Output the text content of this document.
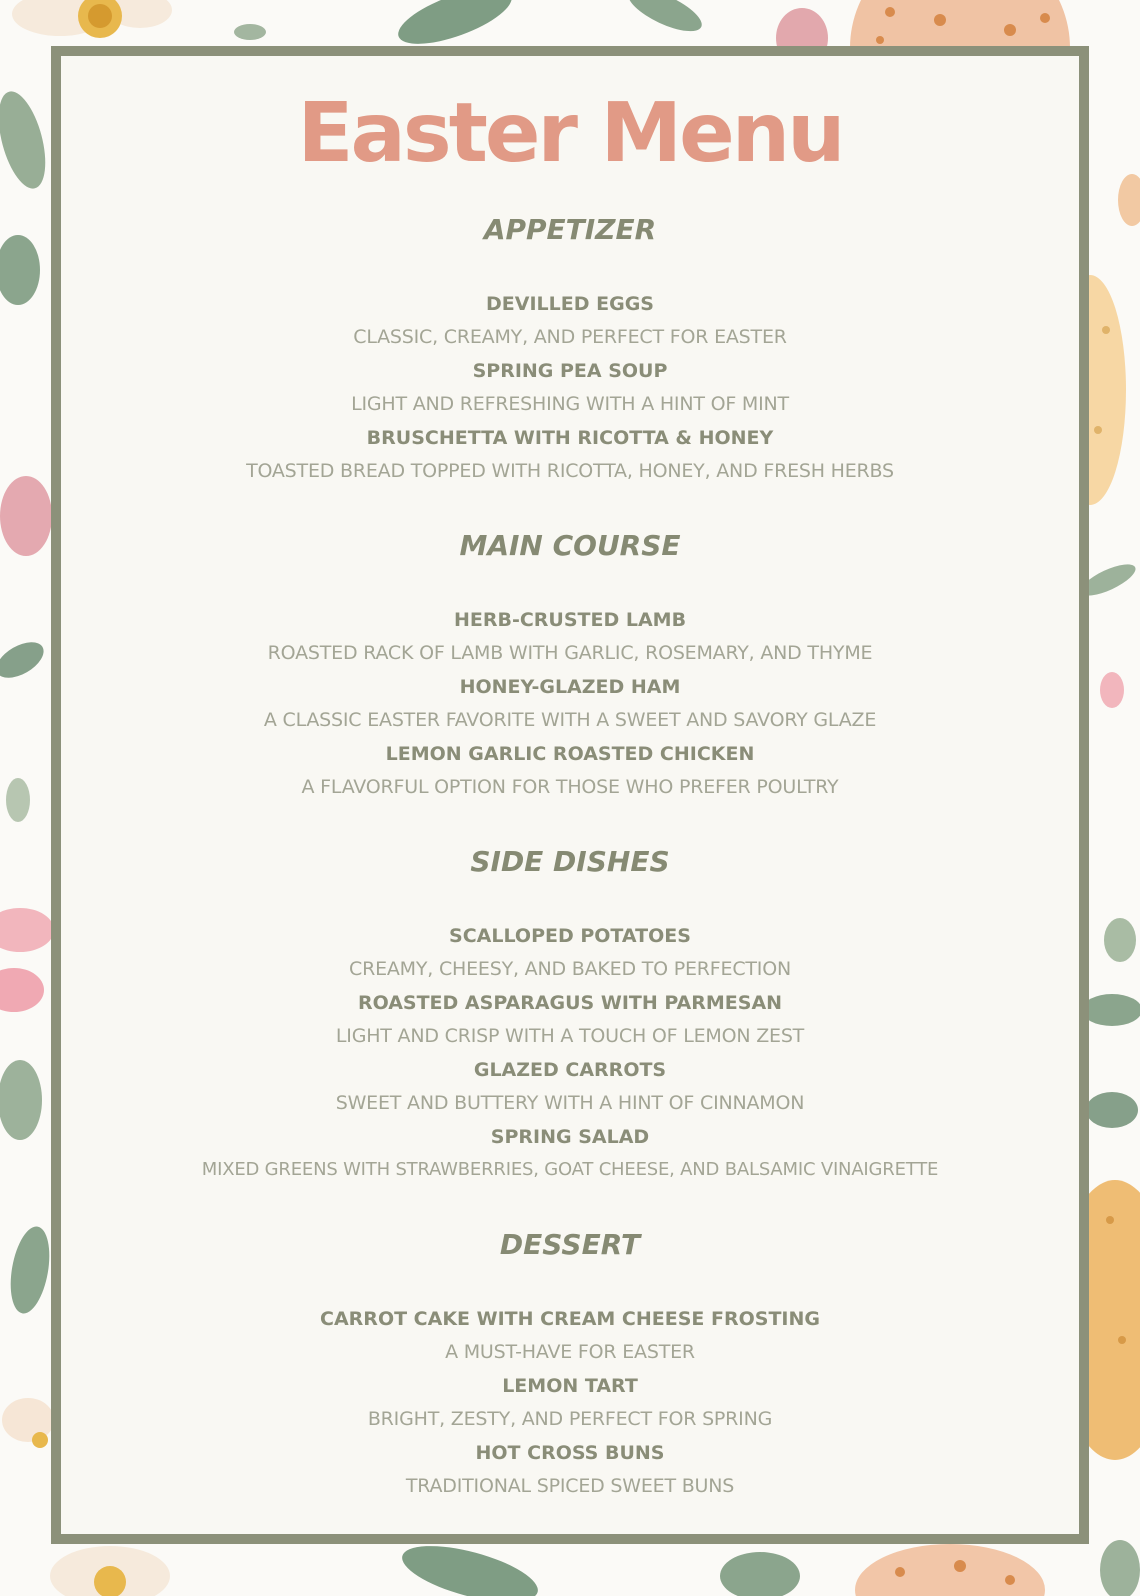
Easter Menu
APPETIZER
DEVILLED EGGS
CLASSIC, CREAMY, AND PERFECT FOR EASTER
SPRING PEA SOUP
LIGHT AND REFRESHING WITH A HINT OF MINT
BRUSCHETTA WITH RICOTTA & HONEY
TOASTED BREAD TOPPED WITH RICOTTA, HONEY, AND FRESH HERBS
MAIN COURSE
HERB-CRUSTED LAMB
ROASTED RACK OF LAMB WITH GARLIC, ROSEMARY, AND THYME
HONEY-GLAZED HAM
A CLASSIC EASTER FAVORITE WITH A SWEET AND SAVORY GLAZE
LEMON GARLIC ROASTED CHICKEN
A FLAVORFUL OPTION FOR THOSE WHO PREFER POULTRY
SIDE DISHES
SCALLOPED POTATOES
CREAMY, CHEESY, AND BAKED TO PERFECTION
ROASTED ASPARAGUS WITH PARMESAN
LIGHT AND CRISP WITH A TOUCH OF LEMON ZEST
GLAZED CARROTS
SWEET AND BUTTERY WITH A HINT OF CINNAMON
SPRING SALAD
MIXED GREENS WITH STRAWBERRIES, GOAT CHEESE, AND BALSAMIC VINAIGRETTE
DESSERT
CARROT CAKE WITH CREAM CHEESE FROSTING
A MUST-HAVE FOR EASTER
LEMON TART
BRIGHT, ZESTY, AND PERFECT FOR SPRING
HOT CROSS BUNS
TRADITIONAL SPICED SWEET BUNS
